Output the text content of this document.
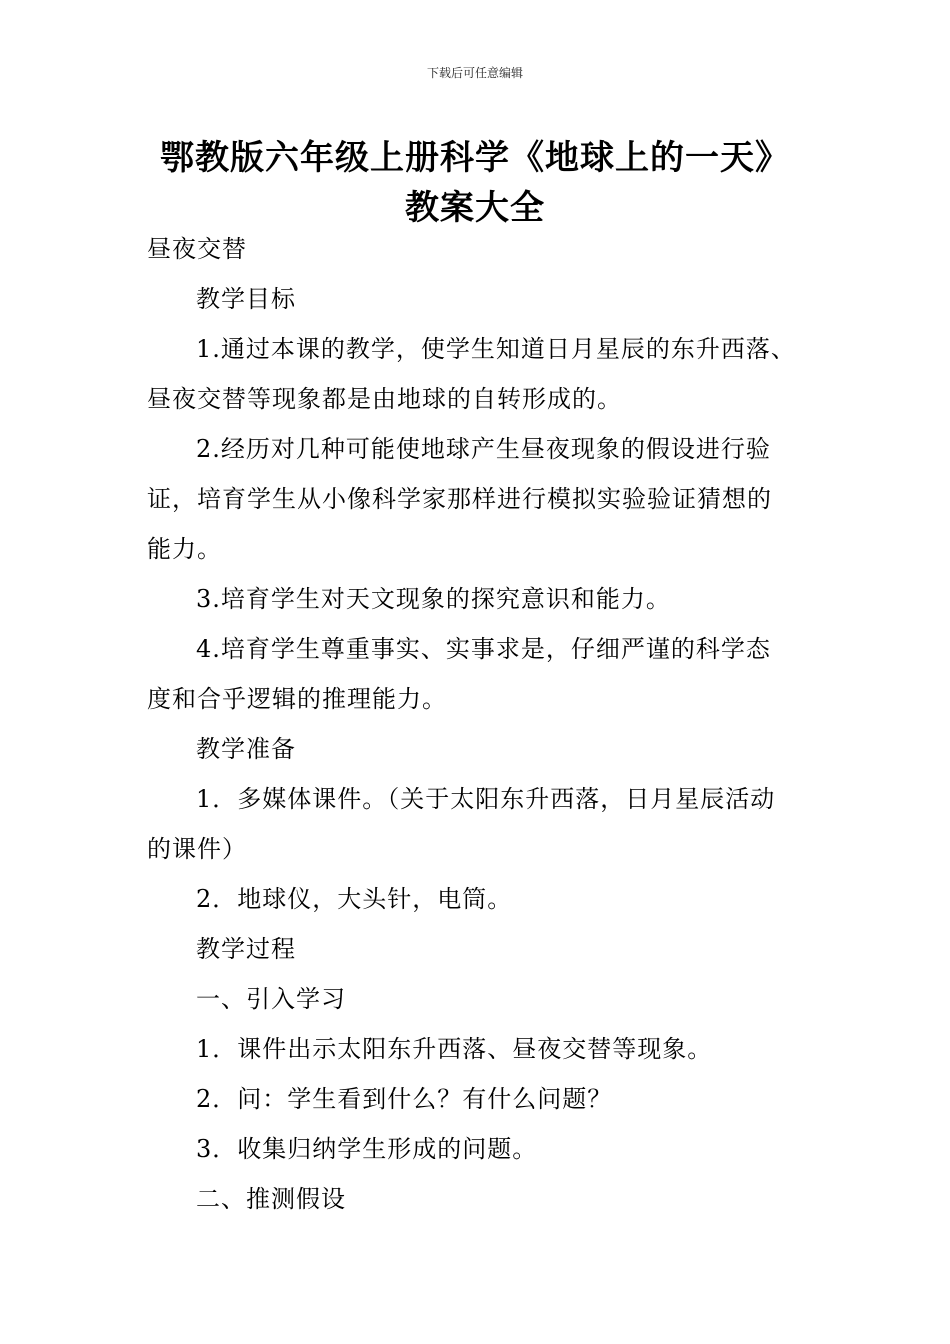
下载后可任意编辑
鄂教版六年级上册科学《地球上的一天》
教案大全
昼夜交替
教学目标
1.通过本课的教学，使学生知道日月星辰的东升西落、
昼夜交替等现象都是由地球的自转形成的。
2.经历对几种可能使地球产生昼夜现象的假设进行验
证，培育学生从小像科学家那样进行模拟实验验证猜想的
能力。
3.培育学生对天文现象的探究意识和能力。
4.培育学生尊重事实、实事求是，仔细严谨的科学态
度和合乎逻辑的推理能力。
教学准备
1．多媒体课件。（关于太阳东升西落，日月星辰活动
的课件）
2．地球仪，大头针，电筒。
教学过程
一、引入学习
1．课件出示太阳东升西落、昼夜交替等现象。
2．问：学生看到什么？有什么问题？
3．收集归纳学生形成的问题。
二、推测假设
